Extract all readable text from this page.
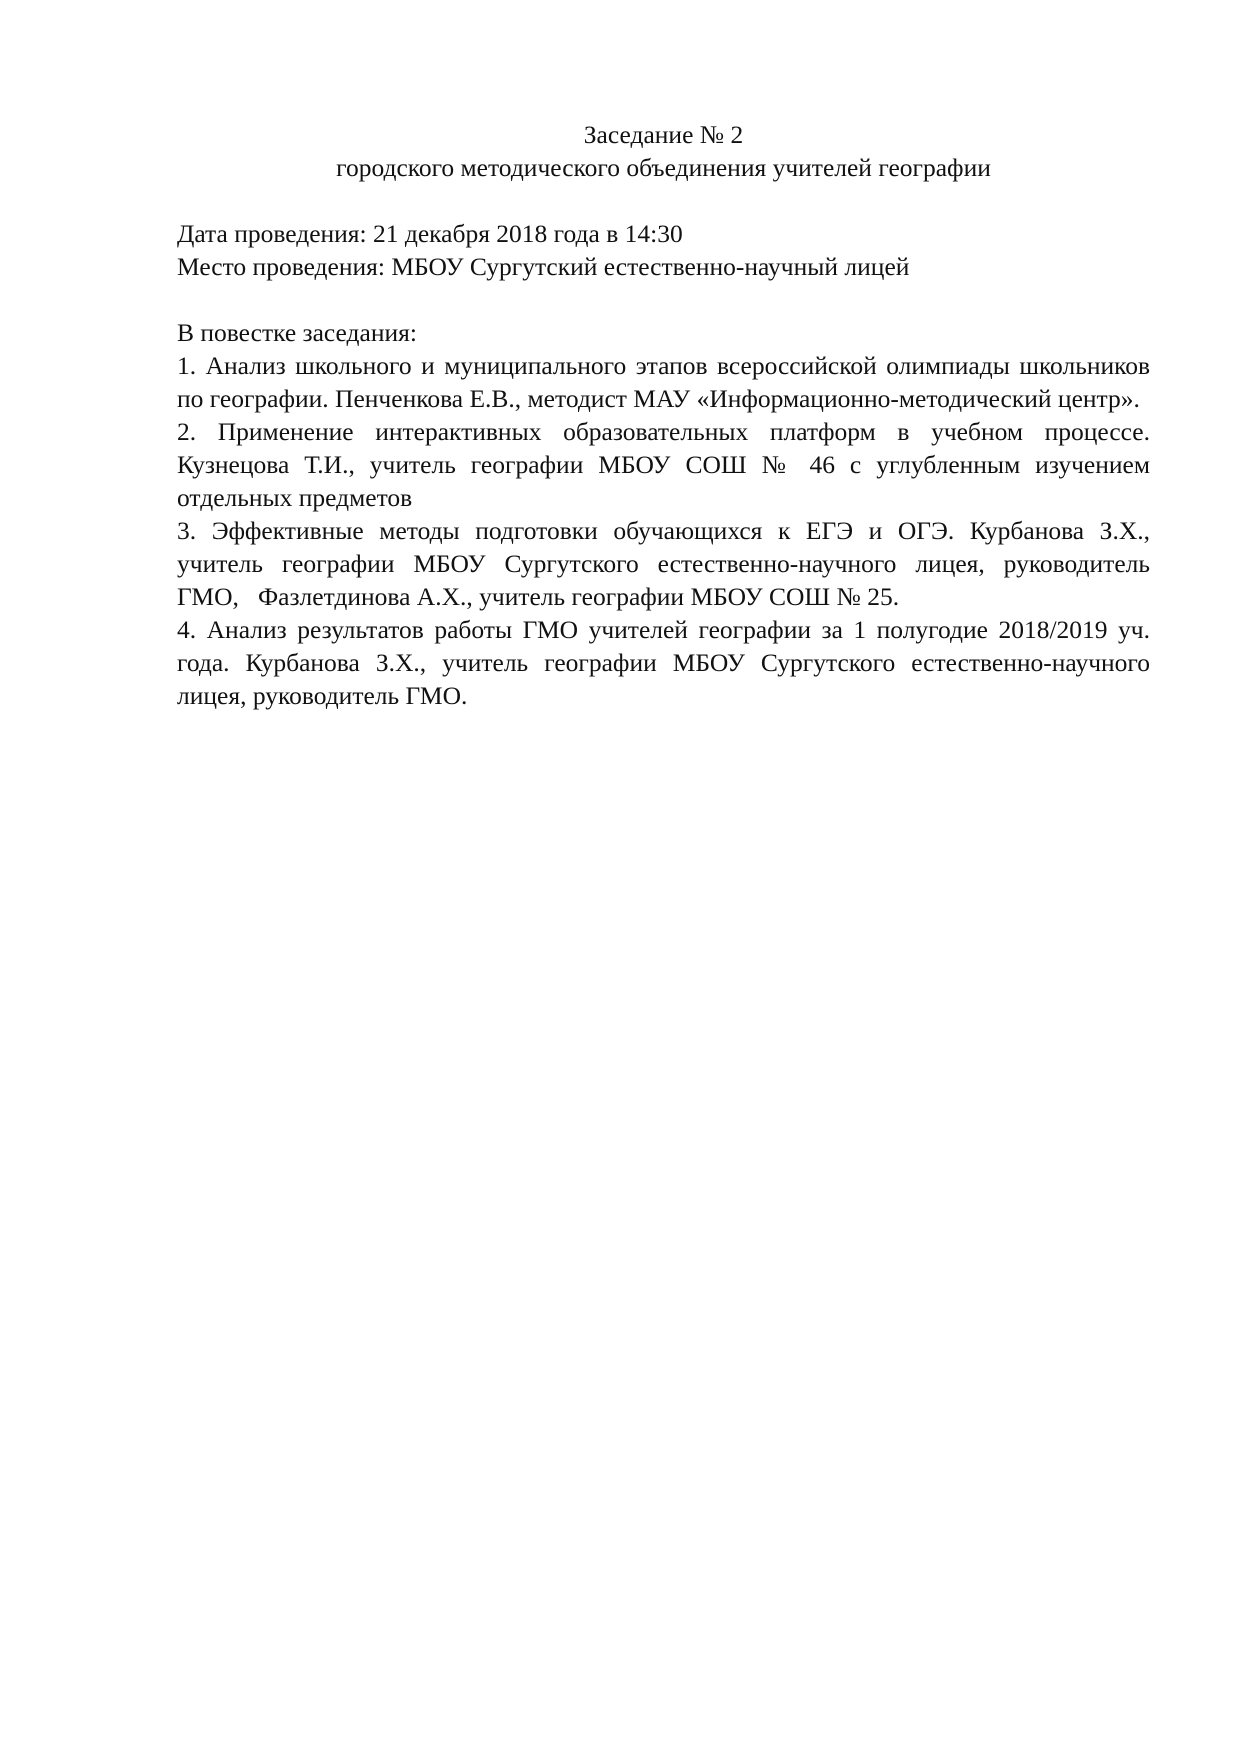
Заседание № 2

городского методического объединения учителей географии

Дата проведения: 21 декабря 2018 года в 14:30

Место проведения: МБОУ Сургутский естественно-научный лицей

В повестке заседания:

1. Анализ школьного и муниципального этапов всероссийской олимпиады школьников по географии. Пенченкова Е.В., методист МАУ «Информационно-методический центр».

2. Применение интерактивных образовательных платформ в учебном процессе. Кузнецова Т.И., учитель географии МБОУ СОШ № 46 с углубленным изучением отдельных предметов

3. Эффективные методы подготовки обучающихся к ЕГЭ и ОГЭ. Курбанова З.Х., учитель географии МБОУ Сургутского естественно-научного лицея, руководитель ГМО,   Фазлетдинова А.Х., учитель географии МБОУ СОШ № 25.

4. Анализ результатов работы ГМО учителей географии за 1 полугодие 2018/2019 уч. года. Курбанова З.Х., учитель географии МБОУ Сургутского естественно-научного лицея, руководитель ГМО.
